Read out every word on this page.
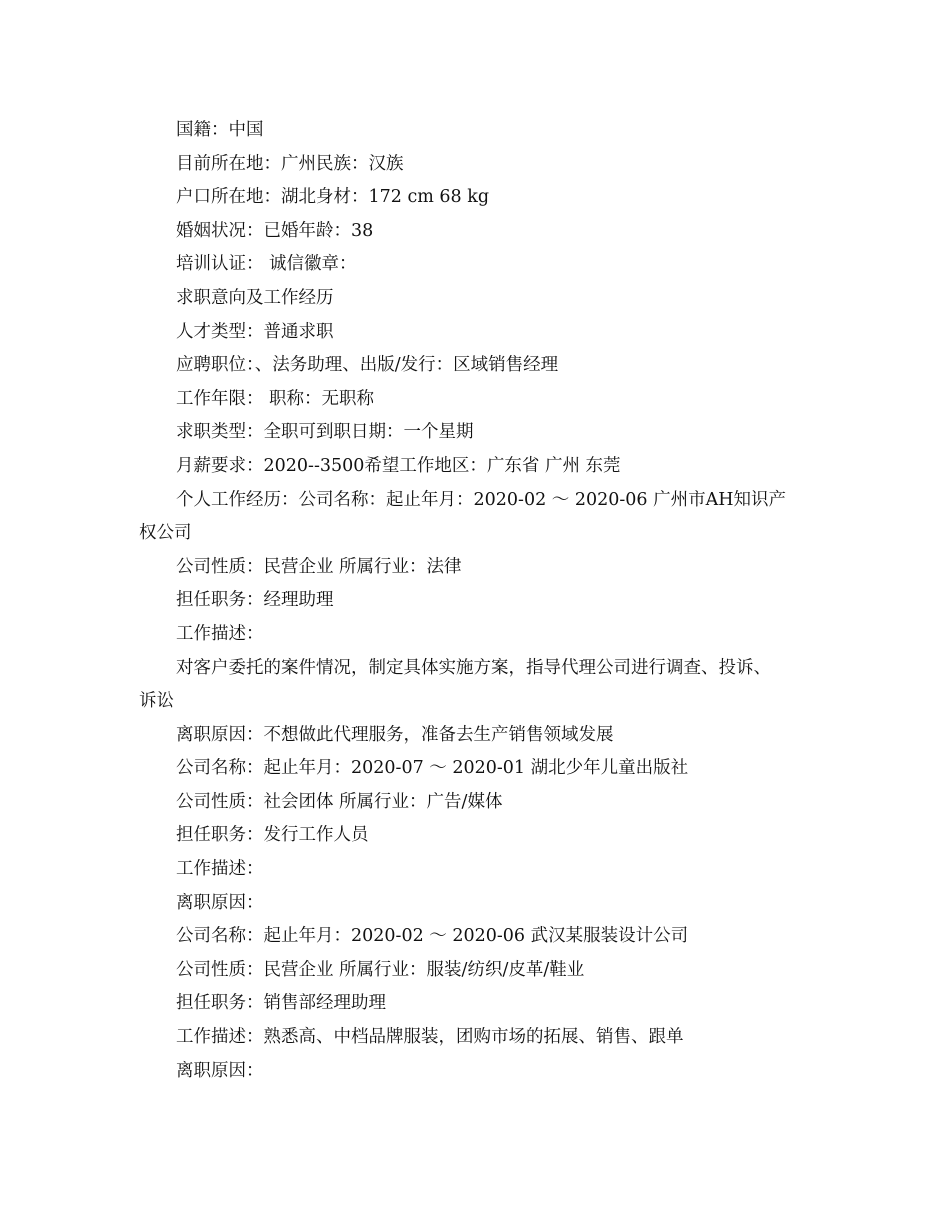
国籍：中国
目前所在地：广州民族：汉族
户口所在地：湖北身材：172 cm 68 kg
婚姻状况：已婚年龄：38
培训认证： 诚信徽章：
求职意向及工作经历
人才类型：普通求职
应聘职位：、法务助理、出版/发行：区域销售经理
工作年限： 职称：无职称
求职类型：全职可到职日期：一个星期
月薪要求：2020--3500希望工作地区：广东省 广州 东莞
个人工作经历：公司名称：起止年月：2020-02 ～ 2020-06 广州市AH知识产
权公司
公司性质：民营企业 所属行业：法律
担任职务：经理助理
工作描述：
对客户委托的案件情况，制定具体实施方案，指导代理公司进行调查、投诉、
诉讼
离职原因：不想做此代理服务，准备去生产销售领域发展
公司名称：起止年月：2020-07 ～ 2020-01 湖北少年儿童出版社
公司性质：社会团体 所属行业：广告/媒体
担任职务：发行工作人员
工作描述：
离职原因：
公司名称：起止年月：2020-02 ～ 2020-06 武汉某服装设计公司
公司性质：民营企业 所属行业：服装/纺织/皮革/鞋业
担任职务：销售部经理助理
工作描述：熟悉高、中档品牌服装，团购市场的拓展、销售、跟单
离职原因：
